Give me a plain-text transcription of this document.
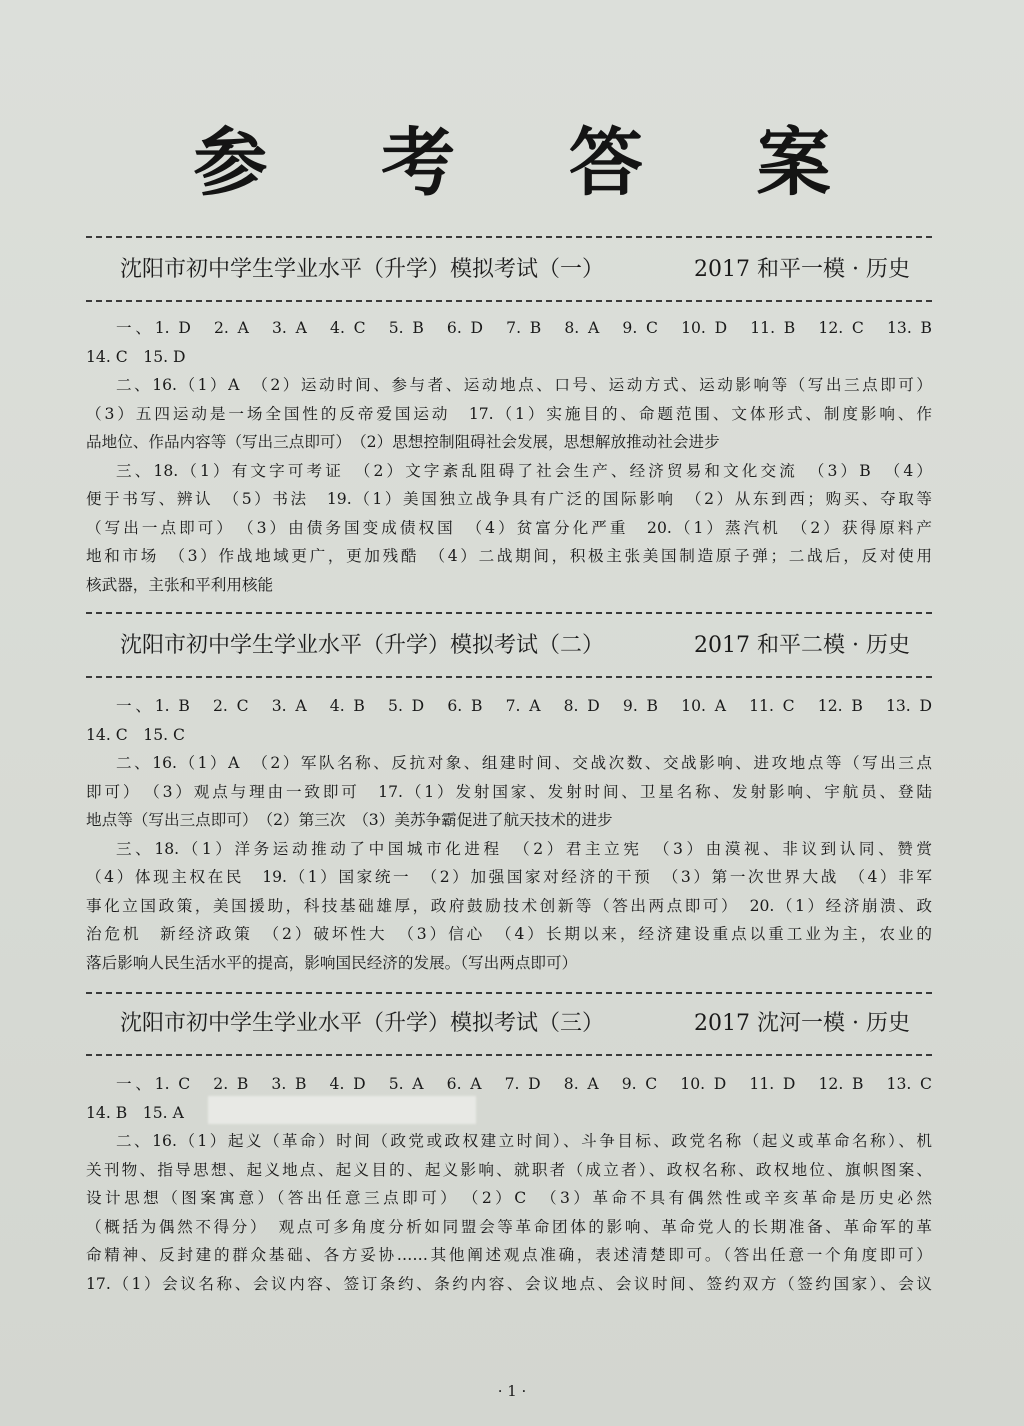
参 考 答 案
沈阳市初中学生学业水平（升学）模拟考试（一）	2017 和平一模 · 历史
一、1. D　2. A　3. A　4. C　5. B　6. D　7. B　8. A　9. C　10. D　11. B　12. C　13. B
14. C　15. D
二、16.（1）A　（2）运动时间、参与者、运动地点、口号、运动方式、运动影响等（写出三点即可）
（3）五四运动是一场全国性的反帝爱国运动　17.（1）实施目的、命题范围、文体形式、制度影响、作
品地位、作品内容等（写出三点即可）　（2）思想控制阻碍社会发展，思想解放推动社会进步
三、18.（1）有文字可考证　（2）文字紊乱阻碍了社会生产、经济贸易和文化交流　（3）B　（4）
便于书写、辨认　（5）书法　19.（1）美国独立战争具有广泛的国际影响　（2）从东到西；购买、夺取等
（写出一点即可）　（3）由债务国变成债权国　（4）贫富分化严重　20.（1）蒸汽机　（2）获得原料产
地和市场　（3）作战地域更广，更加残酷　（4）二战期间，积极主张美国制造原子弹；二战后，反对使用
核武器，主张和平利用核能
沈阳市初中学生学业水平（升学）模拟考试（二）	2017 和平二模 · 历史
一、1. B　2. C　3. A　4. B　5. D　6. B　7. A　8. D　9. B　10. A　11. C　12. B　13. D
14. C　15. C
二、16.（1）A　（2）军队名称、反抗对象、组建时间、交战次数、交战影响、进攻地点等（写出三点
即可）　（3）观点与理由一致即可　17.（1）发射国家、发射时间、卫星名称、发射影响、宇航员、登陆
地点等（写出三点即可）　（2）第三次　（3）美苏争霸促进了航天技术的进步
三、18.（1）洋务运动推动了中国城市化进程　（2）君主立宪　（3）由漠视、非议到认同、赞赏
（4）体现主权在民　19.（1）国家统一　（2）加强国家对经济的干预　（3）第一次世界大战　（4）非军
事化立国政策，美国援助，科技基础雄厚，政府鼓励技术创新等（答出两点即可）　20.（1）经济崩溃、政
治危机　新经济政策　（2）破坏性大　（3）信心　（4）长期以来，经济建设重点以重工业为主，农业的
落后影响人民生活水平的提高，影响国民经济的发展。（写出两点即可）
沈阳市初中学生学业水平（升学）模拟考试（三）	2017 沈河一模 · 历史
一、1. C　2. B　3. B　4. D　5. A　6. A　7. D　8. A　9. C　10. D　11. D　12. B　13. C
14. B　15. A
二、16.（1）起义（革命）时间（政党或政权建立时间）、斗争目标、政党名称（起义或革命名称）、机
关刊物、指导思想、起义地点、起义目的、起义影响、就职者（成立者）、政权名称、政权地位、旗帜图案、
设计思想（图案寓意）（答出任意三点即可）　（2）C　（3）革命不具有偶然性或辛亥革命是历史必然
（概括为偶然不得分）　观点可多角度分析如同盟会等革命团体的影响、革命党人的长期准备、革命军的革
命精神、反封建的群众基础、各方妥协……其他阐述观点准确，表述清楚即可。（答出任意一个角度即可）
17.（1）会议名称、会议内容、签订条约、条约内容、会议地点、会议时间、签约双方（签约国家）、会议
· 1 ·
